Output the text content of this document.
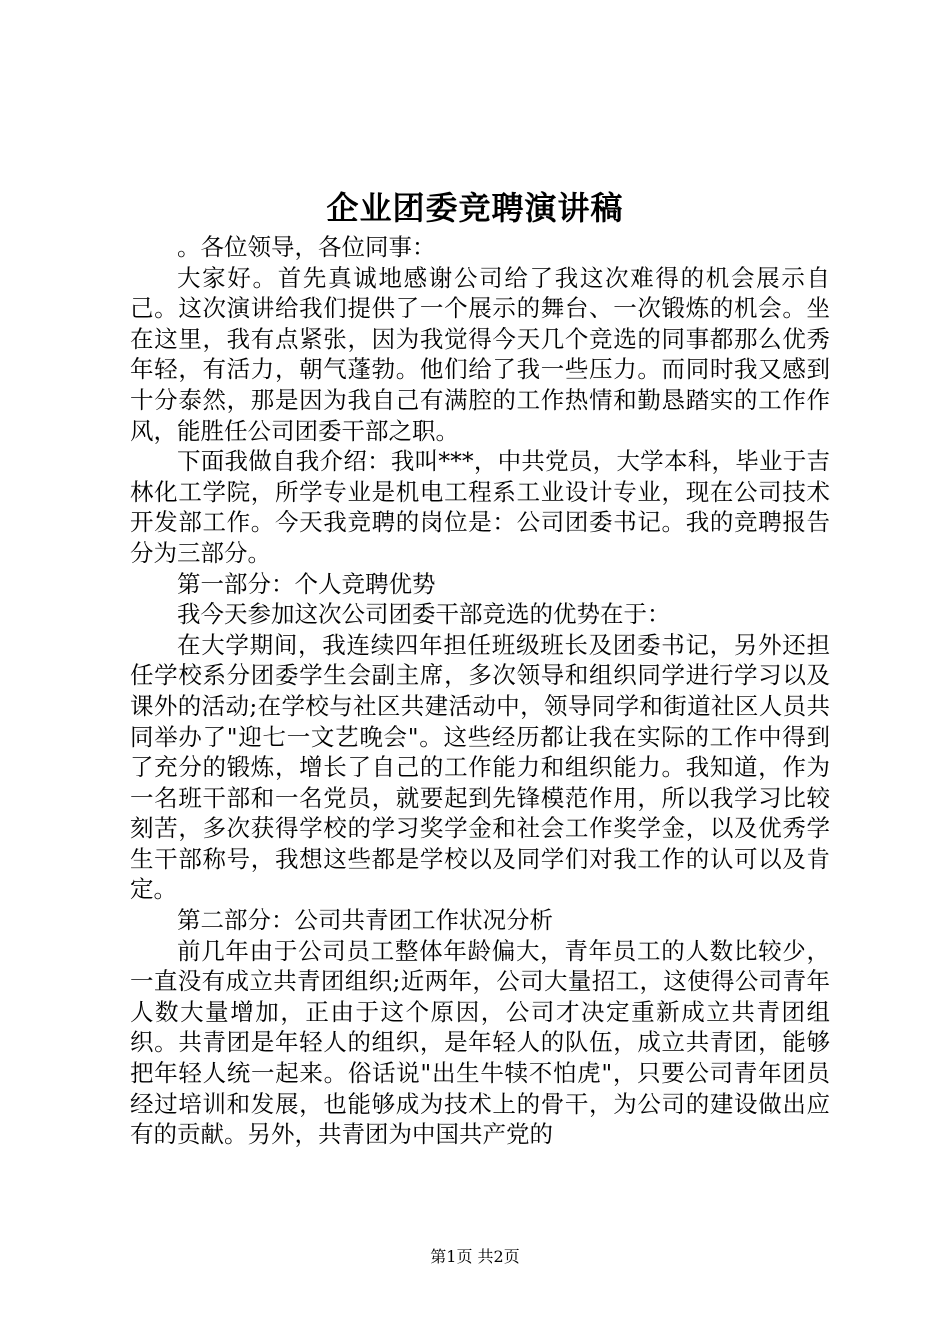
企业团委竞聘演讲稿

。各位领导，各位同事：

大家好。首先真诚地感谢公司给了我这次难得的机会展示自己。这次演讲给我们提供了一个展示的舞台、一次锻炼的机会。坐在这里，我有点紧张，因为我觉得今天几个竞选的同事都那么优秀年轻，有活力，朝气蓬勃。他们给了我一些压力。而同时我又感到十分泰然，那是因为我自己有满腔的工作热情和勤恳踏实的工作作风，能胜任公司团委干部之职。

下面我做自我介绍：我叫***，中共党员，大学本科，毕业于吉林化工学院，所学专业是机电工程系工业设计专业，现在公司技术开发部工作。今天我竞聘的岗位是：公司团委书记。我的竞聘报告分为三部分。

第一部分：个人竞聘优势

我今天参加这次公司团委干部竞选的优势在于：

在大学期间，我连续四年担任班级班长及团委书记，另外还担任学校系分团委学生会副主席，多次领导和组织同学进行学习以及课外的活动;在学校与社区共建活动中，领导同学和街道社区人员共同举办了"迎七一文艺晚会"。这些经历都让我在实际的工作中得到了充分的锻炼，增长了自己的工作能力和组织能力。我知道，作为一名班干部和一名党员，就要起到先锋模范作用，所以我学习比较刻苦，多次获得学校的学习奖学金和社会工作奖学金，以及优秀学生干部称号，我想这些都是学校以及同学们对我工作的认可以及肯定。

第二部分：公司共青团工作状况分析

前几年由于公司员工整体年龄偏大，青年员工的人数比较少，一直没有成立共青团组织;近两年，公司大量招工，这使得公司青年人数大量增加，正由于这个原因，公司才决定重新成立共青团组织。共青团是年轻人的组织，是年轻人的队伍，成立共青团，能够把年轻人统一起来。俗话说"出生牛犊不怕虎"，只要公司青年团员经过培训和发展，也能够成为技术上的骨干，为公司的建设做出应有的贡献。另外，共青团为中国共产党的

第1页 共2页
